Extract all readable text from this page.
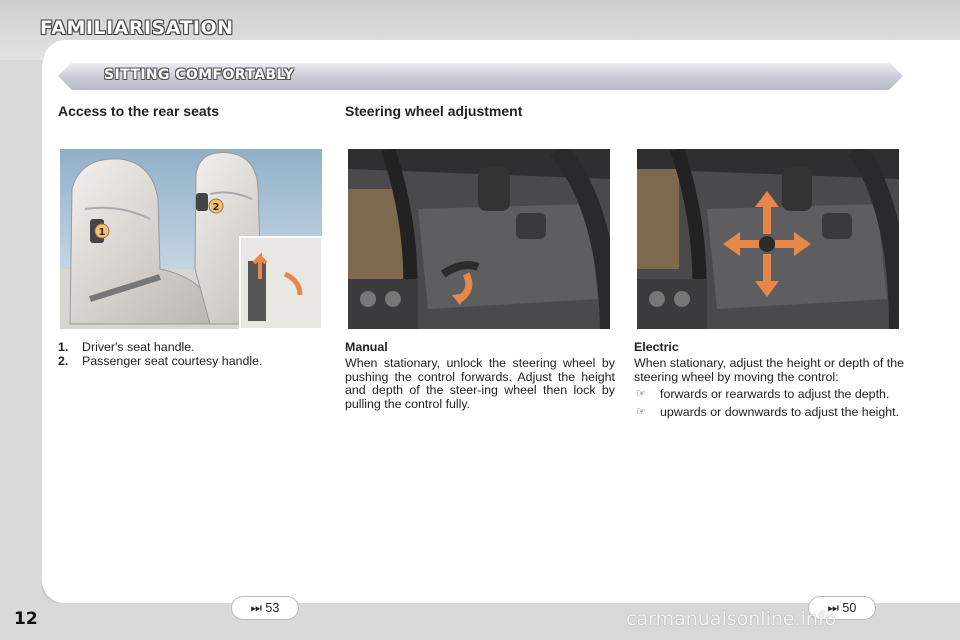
FAMILIARISATION
SITTING COMFORTABLY
Access to the rear seats
1
2
1.	Driver's seat handle.
2.	Passenger seat courtesy handle.
Steering wheel adjustment
Manual
When stationary, unlock the steering wheel by pushing the control forwards. Adjust the height and depth of the steer-ing wheel then lock by pulling the control fully.
Electric
When stationary, adjust the height or depth of the steering wheel by moving the control:
☞	forwards or rearwards to adjust the depth.
☞	upwards or downwards to adjust the height.
⏭ 53	⏭ 50
12	carmanualsonline.info
